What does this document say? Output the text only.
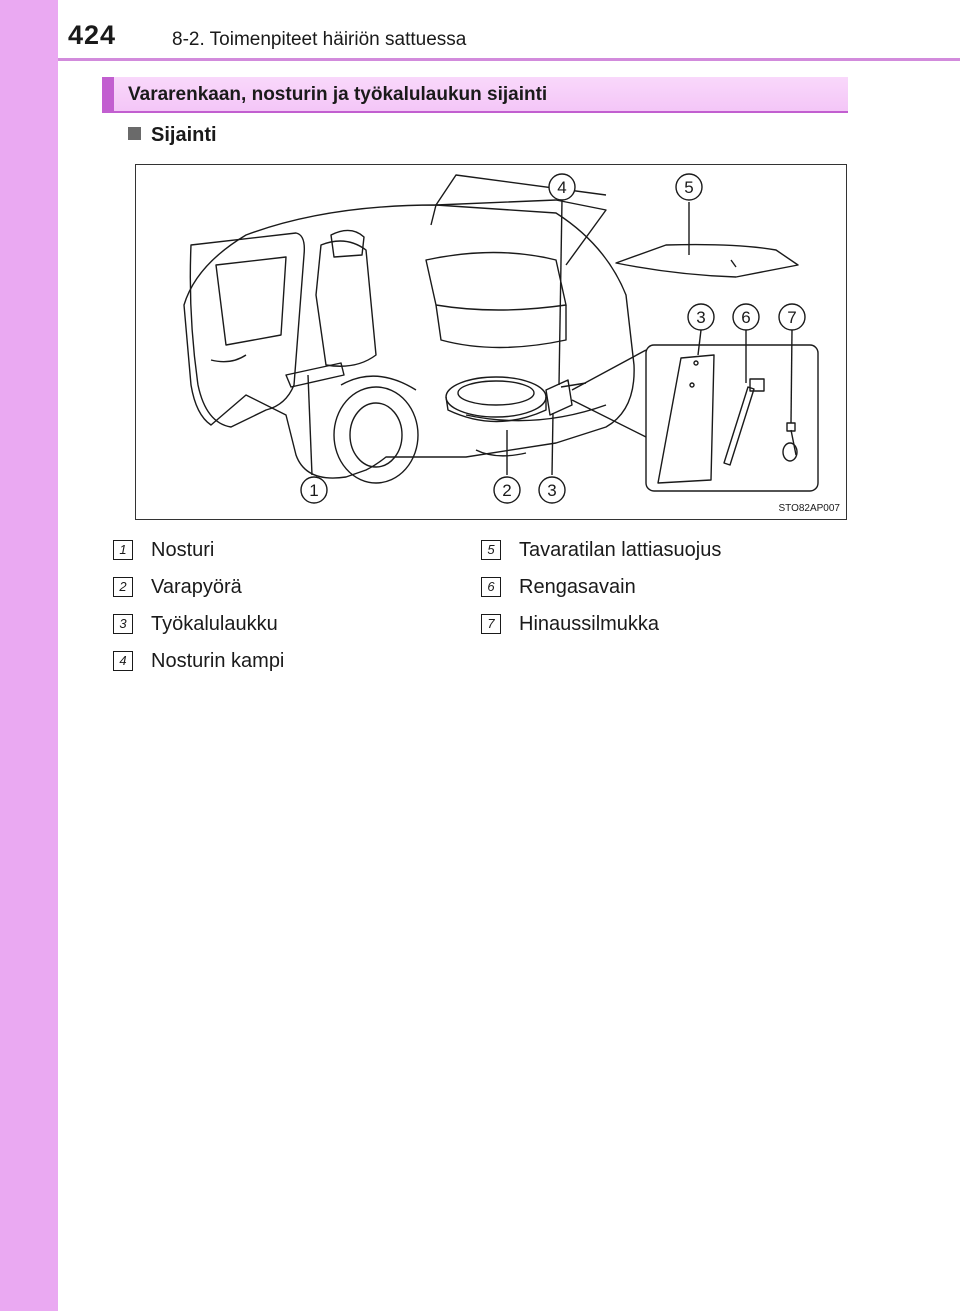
424	8-2. Toimenpiteet häiriön sattuessa
Vararenkaan, nosturin ja työkalulaukun sijainti
Sijainti
1	2 3
4	5
3 6 7
STO82AP007
1 Nosturi
2 Varapyörä
3 Työkalulaukku
4 Nosturin kampi
5 Tavaratilan lattiasuojus
6 Rengasavain
7 Hinaussilmukka
